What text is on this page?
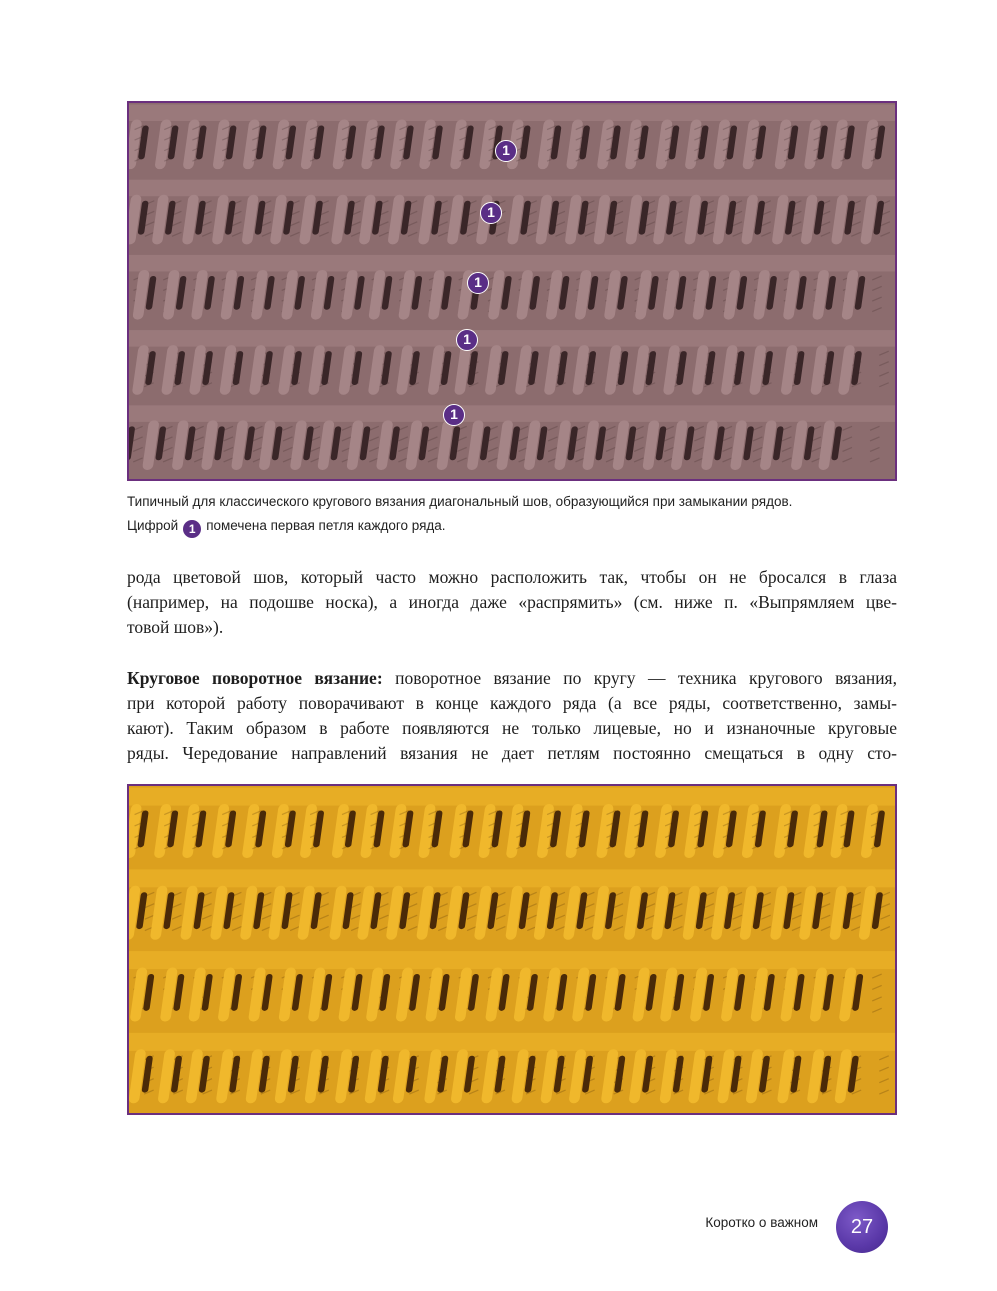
1
1
1
1
1
Типичный для классического кругового вязания диагональный шов, образующийся при замыкании рядов.
Цифрой 1 помечена первая петля каждого ряда.
рода цветовой шов, который часто можно расположить так, чтобы он не бросался в глаза
(например, на подошве носка), а иногда даже «распрямить» (см. ниже п. «Выпрямляем цве-
товой шов»).
Круговое поворотное вязание: поворотное вязание по кругу — техника кругового вязания,
при которой работу поворачивают в конце каждого ряда (а все ряды, соответственно, замы-
кают). Таким образом в работе появляются не только лицевые, но и изнаночные круговые
ряды. Чередование направлений вязания не дает петлям постоянно смещаться в одну сто-
Коротко о важном	27
